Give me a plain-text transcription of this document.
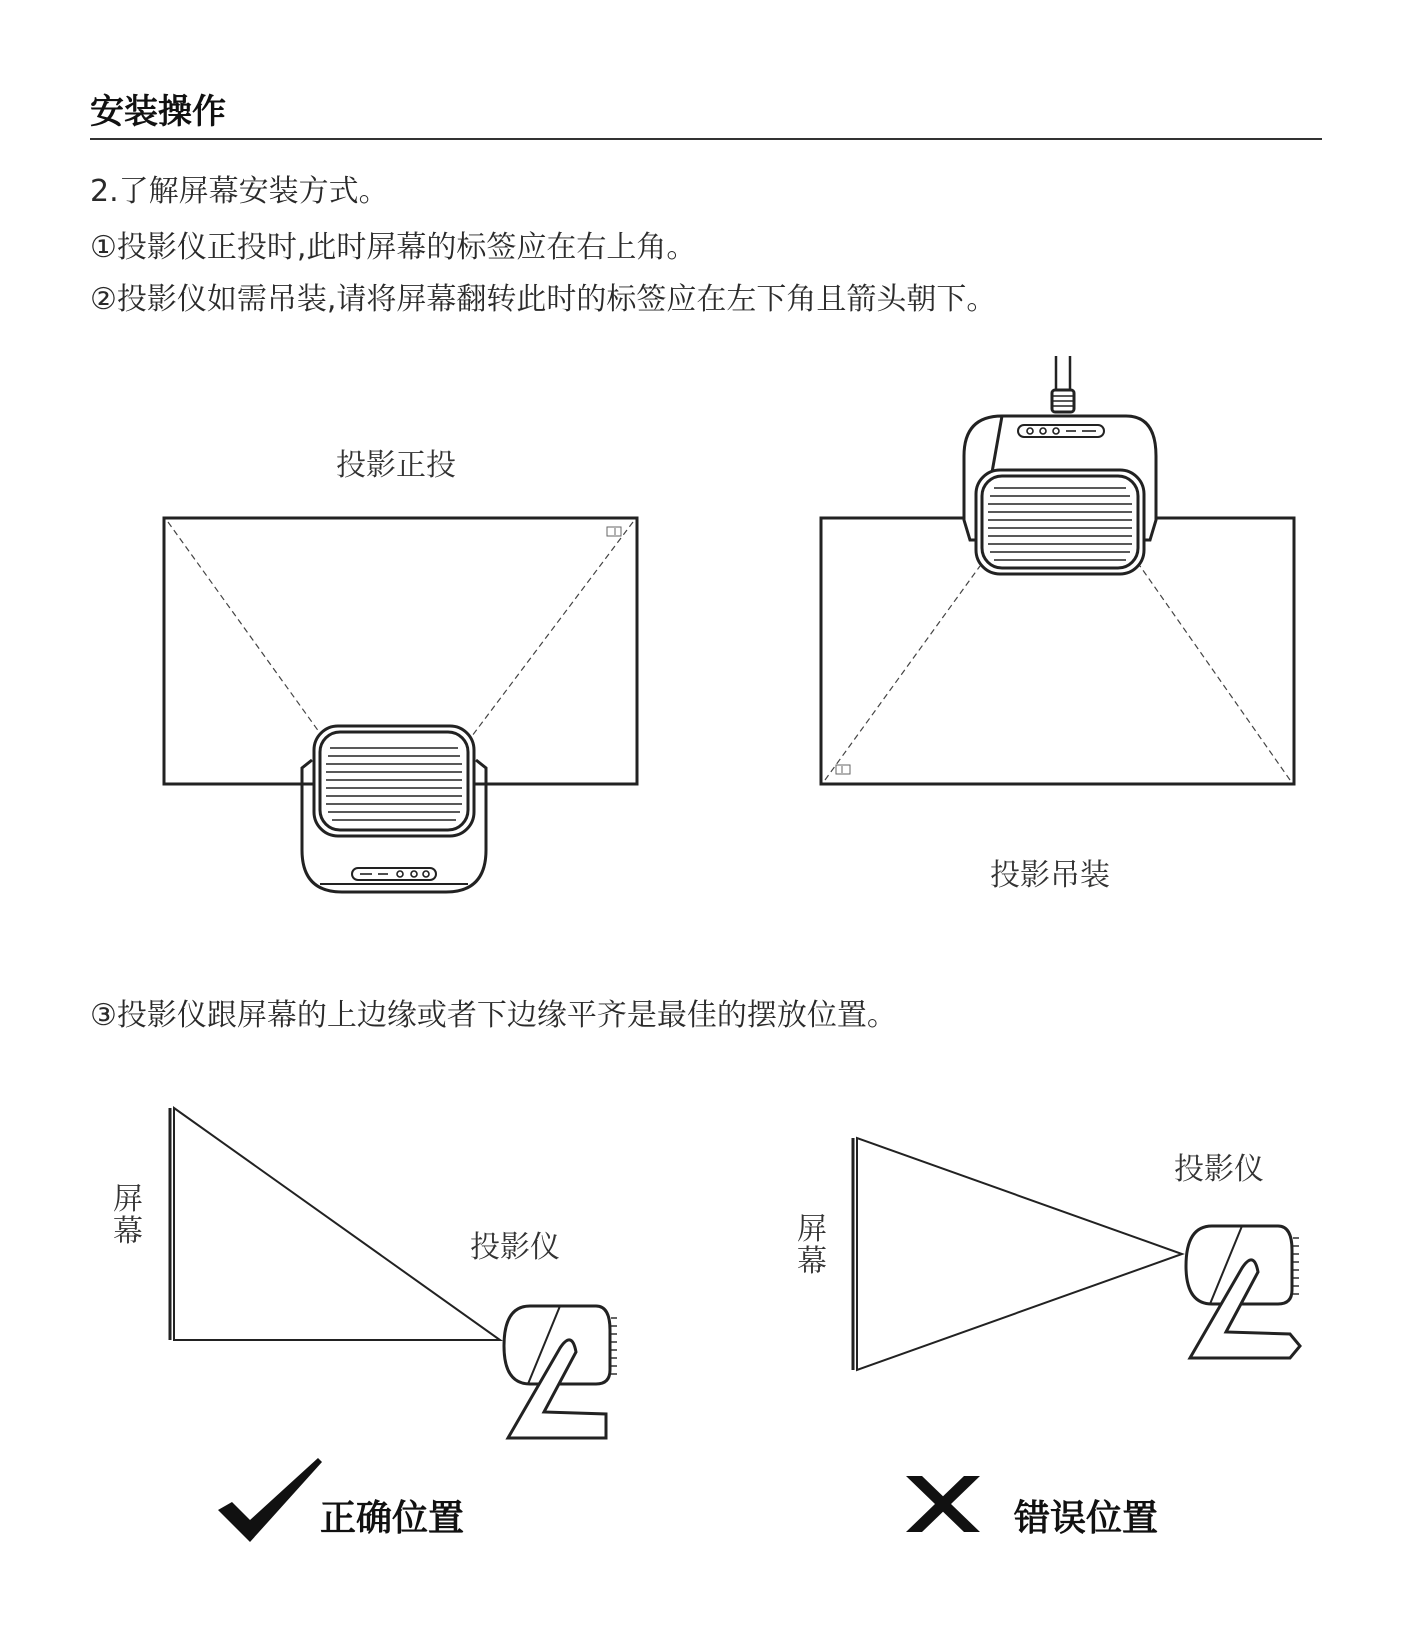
安装操作
2.了解屏幕安装方式。
①投影仪正投时,此时屏幕的标签应在右上角。
②投影仪如需吊装,请将屏幕翻转此时的标签应在左下角且箭头朝下。
投影正投
投影吊装
③投影仪跟屏幕的上边缘或者下边缘平齐是最佳的摆放位置。
屏幕	投影仪
屏幕
投影仪
正确位置	错误位置
